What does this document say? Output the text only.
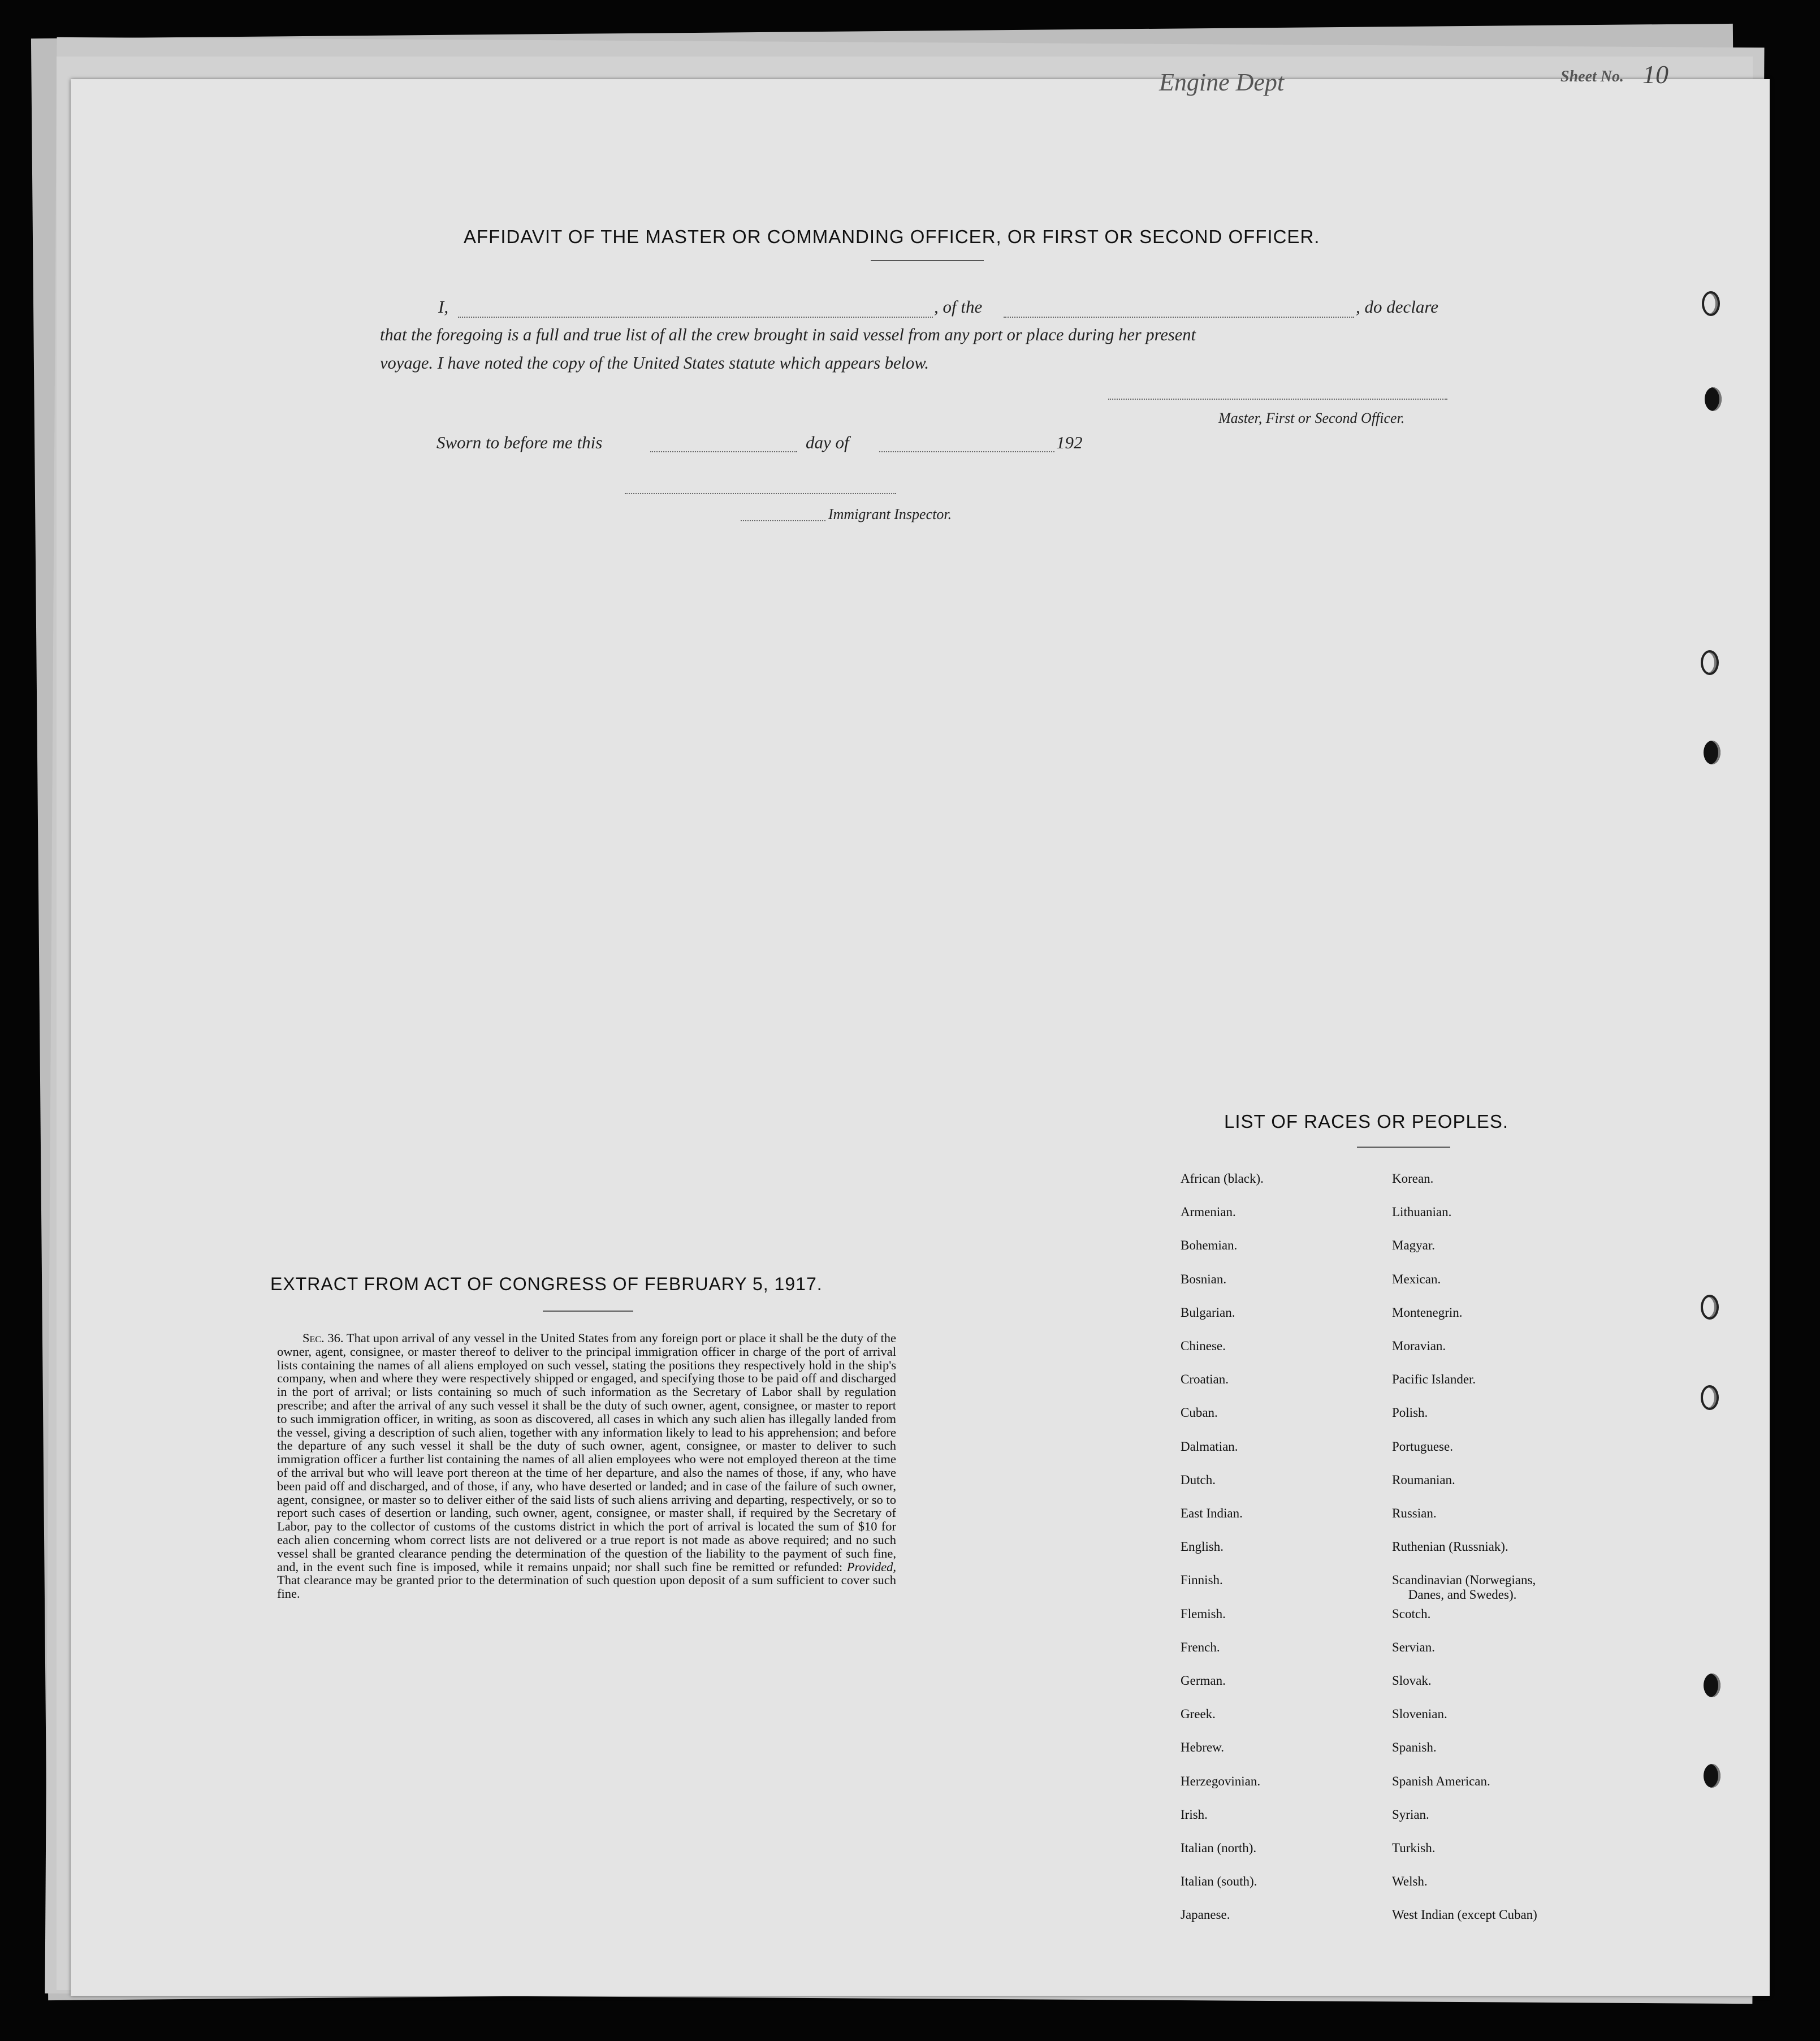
Engine Dept	Sheet No. 10
AFFIDAVIT OF THE MASTER OR COMMANDING OFFICER, OR FIRST OR SECOND OFFICER.
I,	, of the	, do declare
that the foregoing is a full and true list of all the crew brought in said vessel from any port or place during her present
voyage. I have noted the copy of the United States statute which appears below.
Master, First or Second Officer.
Sworn to before me this	day of	192
Immigrant Inspector.
EXTRACT FROM ACT OF CONGRESS OF FEBRUARY 5, 1917.
Sec. 36. That upon arrival of any vessel in the United States from any foreign port or place it shall be the duty of the owner, agent, consignee, or master thereof to deliver to the principal immigration officer in charge of the port of arrival lists containing the names of all aliens employed on such vessel, stating the positions they respectively hold in the ship's company, when and where they were respectively shipped or engaged, and specifying those to be paid off and discharged in the port of arrival; or lists containing so much of such information as the Secretary of Labor shall by regulation prescribe; and after the arrival of any such vessel it shall be the duty of such owner, agent, consignee, or master to report to such immigration officer, in writing, as soon as discovered, all cases in which any such alien has illegally landed from the vessel, giving a description of such alien, together with any information likely to lead to his apprehension; and before the departure of any such vessel it shall be the duty of such owner, agent, consignee, or master to deliver to such immigration officer a further list containing the names of all alien employees who were not employed thereon at the time of the arrival but who will leave port thereon at the time of her departure, and also the names of those, if any, who have been paid off and discharged, and of those, if any, who have deserted or landed; and in case of the failure of such owner, agent, consignee, or master so to deliver either of the said lists of such aliens arriving and departing, respectively, or so to report such cases of desertion or landing, such owner, agent, consignee, or master shall, if required by the Secretary of Labor, pay to the collector of customs of the customs district in which the port of arrival is located the sum of $10 for each alien concerning whom correct lists are not delivered or a true report is not made as above required; and no such vessel shall be granted clearance pending the determination of the question of the liability to the payment of such fine, and, in the event such fine is imposed, while it remains unpaid; nor shall such fine be remitted or refunded: Provided, That clearance may be granted prior to the determination of such question upon deposit of a sum sufficient to cover such fine.
LIST OF RACES OR PEOPLES.
African (black).
Armenian.
Bohemian.
Bosnian.
Bulgarian.
Chinese.
Croatian.
Cuban.
Dalmatian.
Dutch.
East Indian.
English.
Finnish.
Flemish.
French.
German.
Greek.
Hebrew.
Herzegovinian.
Irish.
Italian (north).
Italian (south).
Japanese.
Korean.
Lithuanian.
Magyar.
Mexican.
Montenegrin.
Moravian.
Pacific Islander.
Polish.
Portuguese.
Roumanian.
Russian.
Ruthenian (Russniak).
Scandinavian (Norwegians,
Danes, and Swedes).
Scotch.
Servian.
Slovak.
Slovenian.
Spanish.
Spanish American.
Syrian.
Turkish.
Welsh.
West Indian (except Cuban)
